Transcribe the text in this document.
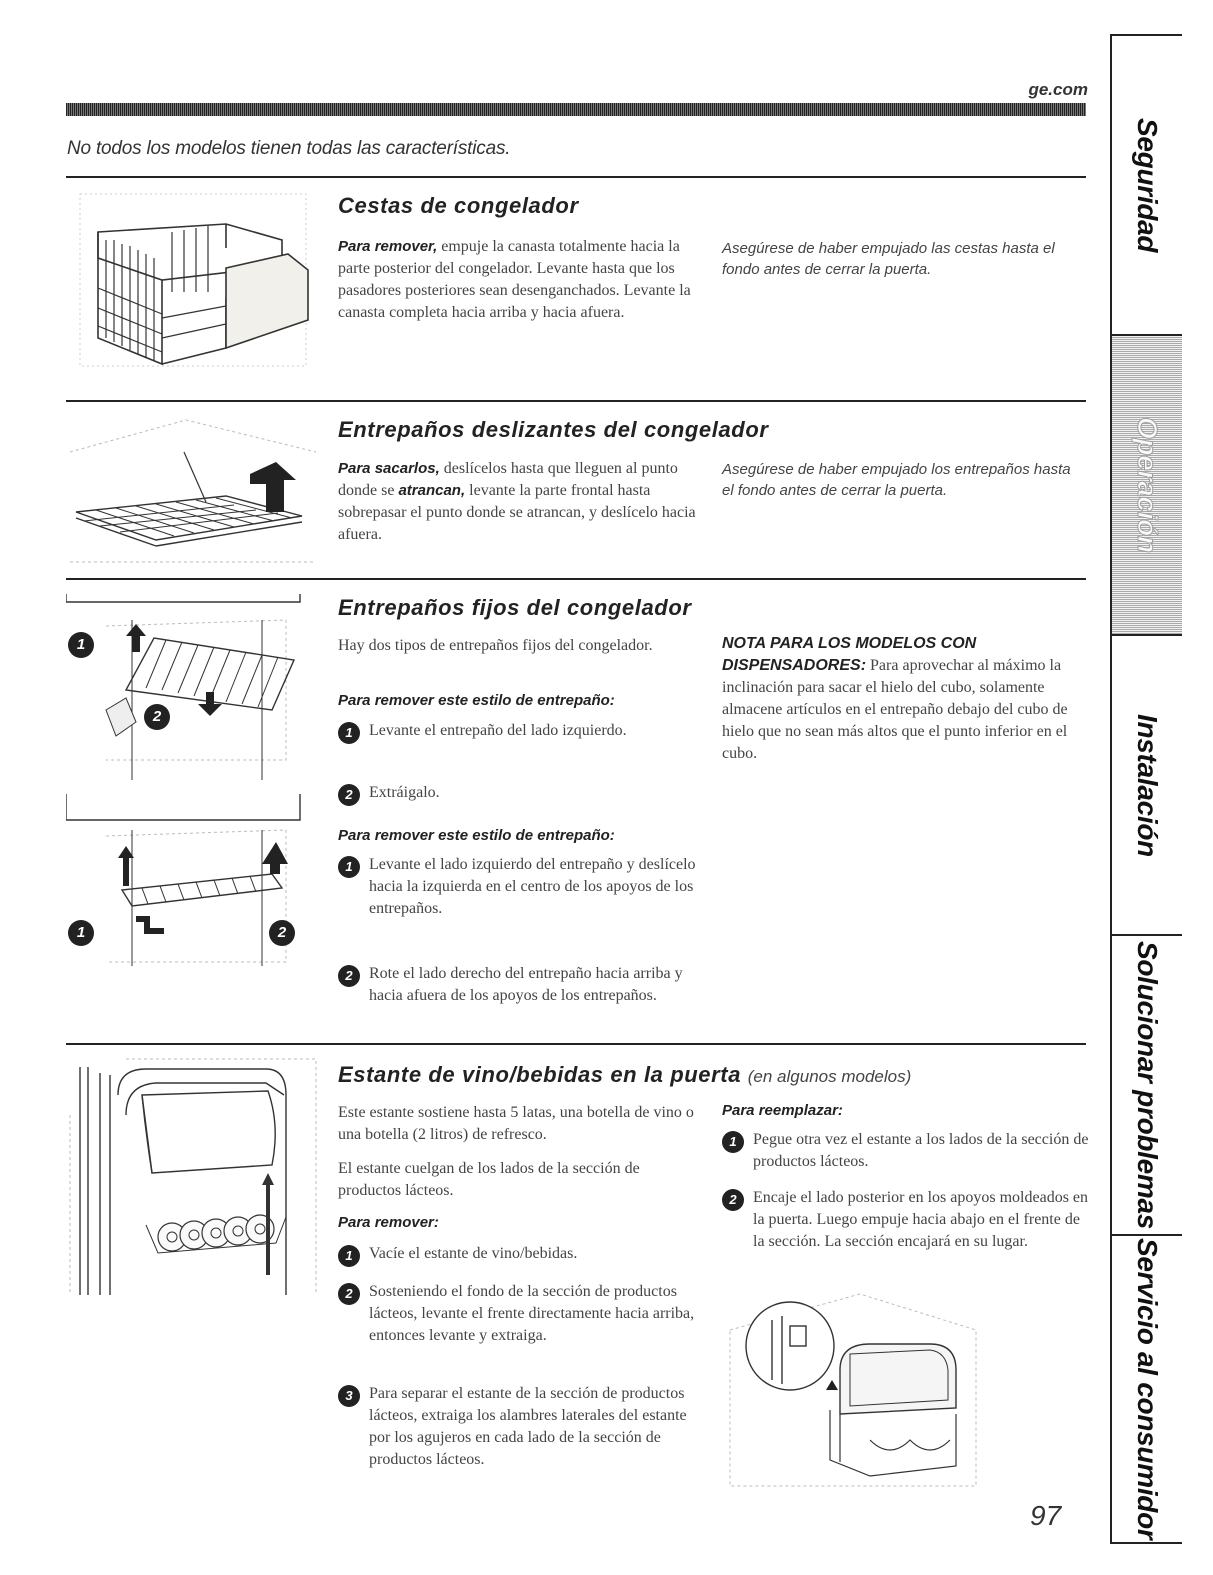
ge.com
No todos los modelos tienen todas las características.
Cestas de congelador
Para remover, empuje la canasta totalmente hacia la parte posterior del congelador. Levante hasta que los pasadores posteriores sean desenganchados. Levante la canasta completa hacia arriba y hacia afuera.
Asegúrese de haber empujado las cestas hasta el fondo antes de cerrar la puerta.
Entrepaños deslizantes del congelador
Para sacarlos, deslícelos hasta que lleguen al punto donde se atrancan, levante la parte frontal hasta sobrepasar el punto donde se atrancan, y deslícelo hacia afuera.
Asegúrese de haber empujado los entrepaños hasta el fondo antes de cerrar la puerta.
1
2
1	2
Entrepaños fijos del congelador
Hay dos tipos de entrepaños fijos del congelador.
Para remover este estilo de entrepaño:
1	Levante el entrepaño del lado izquierdo.
2	Extráigalo.
Para remover este estilo de entrepaño:
1	Levante el lado izquierdo del entrepaño y deslícelo hacia la izquierda en el centro de los apoyos de los entrepaños.
2	Rote el lado derecho del entrepaño hacia arriba y hacia afuera de los apoyos de los entrepaños.
NOTA PARA LOS MODELOS CON
DISPENSADORES: Para aprovechar al máximo la inclinación para sacar el hielo del cubo, solamente almacene artículos en el entrepaño debajo del cubo de hielo que no sean más altos que el punto inferior en el cubo.
Estante de vino/bebidas en la puerta (en algunos modelos)
Este estante sostiene hasta 5 latas, una botella de vino o una botella (2 litros) de refresco.
El estante cuelgan de los lados de la sección de productos lácteos.
Para remover:
1	Vacíe el estante de vino/bebidas.
2	Sosteniendo el fondo de la sección de productos lácteos, levante el frente directamente hacia arriba, entonces levante y extraiga.
3	Para separar el estante de la sección de productos lácteos, extraiga los alambres laterales del estante por los agujeros en cada lado de la sección de productos lácteos.
Para reemplazar:
1	Pegue otra vez el estante a los lados de la sección de productos lácteos.
2	Encaje el lado posterior en los apoyos moldeados en la puerta. Luego empuje hacia abajo en el frente de la sección. La sección encajará en su lugar.
Seguridad
Operación
Instalación
Solucionar problemas
Servicio al consumidor
97
